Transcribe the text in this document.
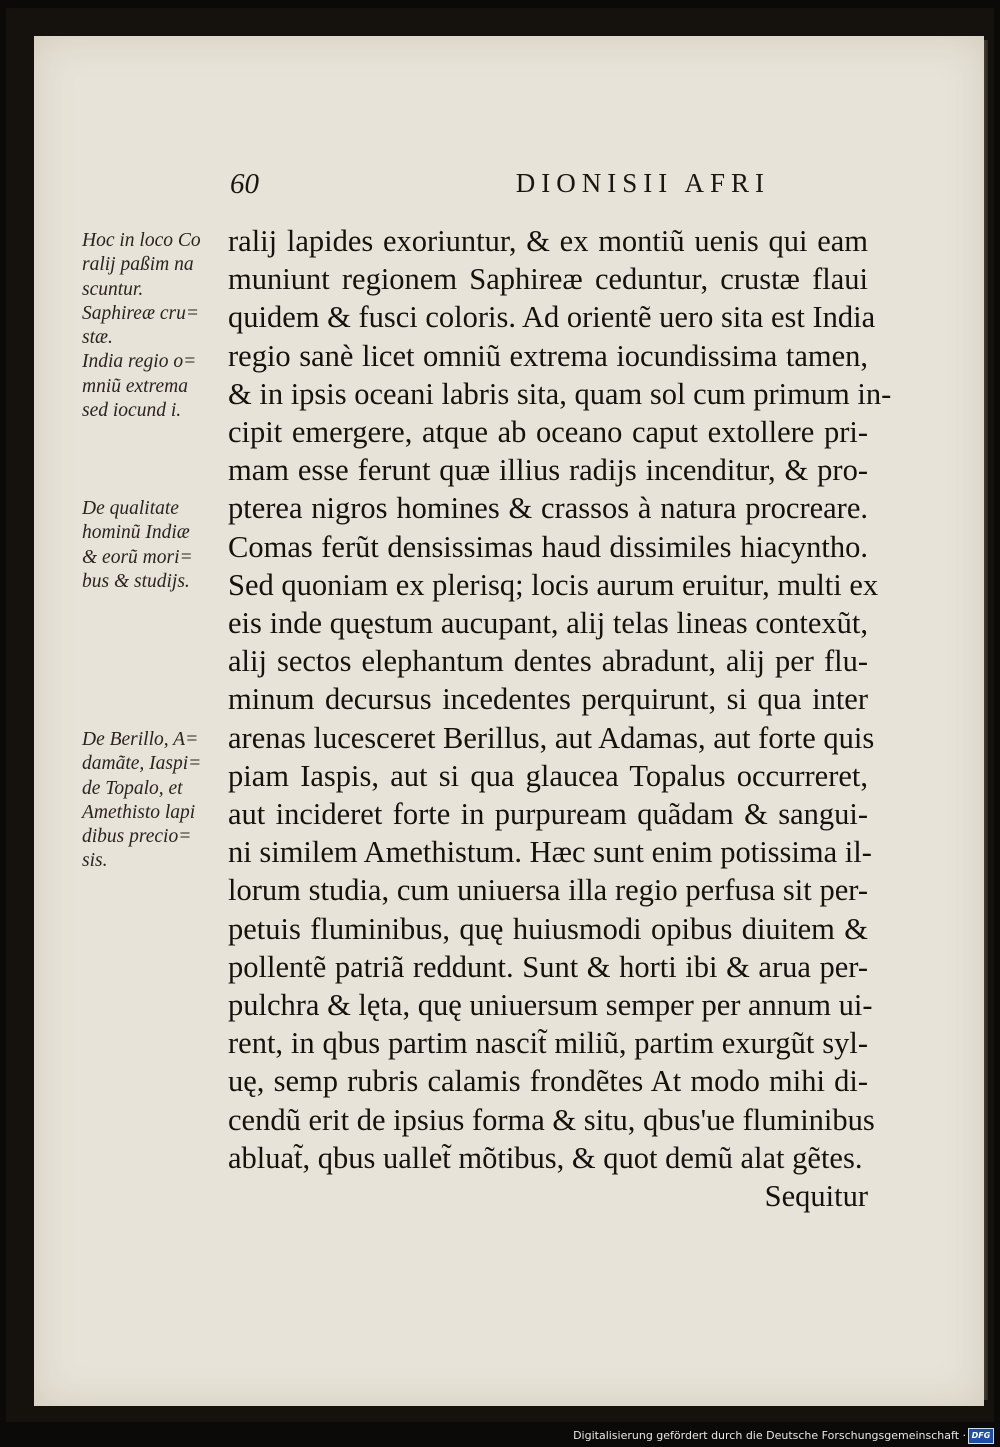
60	DIONISII AFRI
Hoc in loco Co
ralij paßim na
scuntur.
Saphireæ cru=
stæ.
India regio o=
mniũ extrema
sed iocund i.
De qualitate
hominũ Indiæ
& eorũ mori=
bus & studijs.
De Berillo, A=
damãte, Iaspi=
de Topalo, et
Amethisto lapi
dibus precio=
sis.
ralij lapides exoriuntur, & ex montiũ uenis qui eam
muniunt regionem Saphireæ ceduntur, crustæ flaui
quidem & fusci coloris. Ad orientẽ uero sita est India
regio sanè licet omniũ extrema iocundissima tamen,
& in ipsis oceani labris sita, quam sol cum primum in-
cipit emergere, atque ab oceano caput extollere pri-
mam esse ferunt quæ illius radijs incenditur, & pro-
pterea nigros homines & crassos à natura procreare.
Comas ferũt densissimas haud dissimiles hiacyntho.
Sed quoniam ex plerisq; locis aurum eruitur, multi ex
eis inde quęstum aucupant, alij telas lineas contexũt,
alij sectos elephantum dentes abradunt, alij per flu-
minum decursus incedentes perquirunt, si qua inter
arenas lucesceret Berillus, aut Adamas, aut forte quis
piam Iaspis, aut si qua glaucea Topalus occurreret,
aut incideret forte in purpuream quãdam & sangui-
ni similem Amethistum. Hæc sunt enim potissima il-
lorum studia, cum uniuersa illa regio perfusa sit per-
petuis fluminibus, quę huiusmodi opibus diuitem &
pollentẽ patriã reddunt. Sunt & horti ibi & arua per-
pulchra & lęta, quę uniuersum semper per annum ui-
rent, in qbus partim nascit̃ miliũ, partim exurgũt syl-
uę, semp rubris calamis frondẽtes At modo mihi di-
cendũ erit de ipsius forma & situ, qbus'ue fluminibus
abluat̃, qbus uallet̃ mõtibus, & quot demũ alat gẽtes.
Sequitur
Digitalisierung gefördert durch die Deutsche Forschungsgemeinschaft · DFG
